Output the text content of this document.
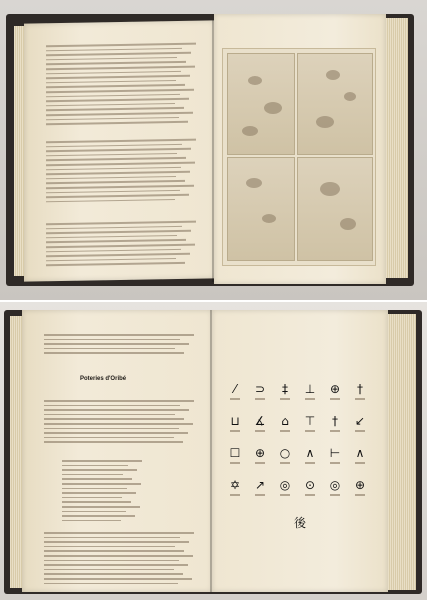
Poteries d'Oribé
⁄	⊃	‡	⊥ ⊕	†
⊔ ∡ ⌂ ⊤	†	↙
☐ ⊕ ○ ∧ ⊢ ∧
✡ ↗ ◎ ⊙ ◎ ⊕
後
